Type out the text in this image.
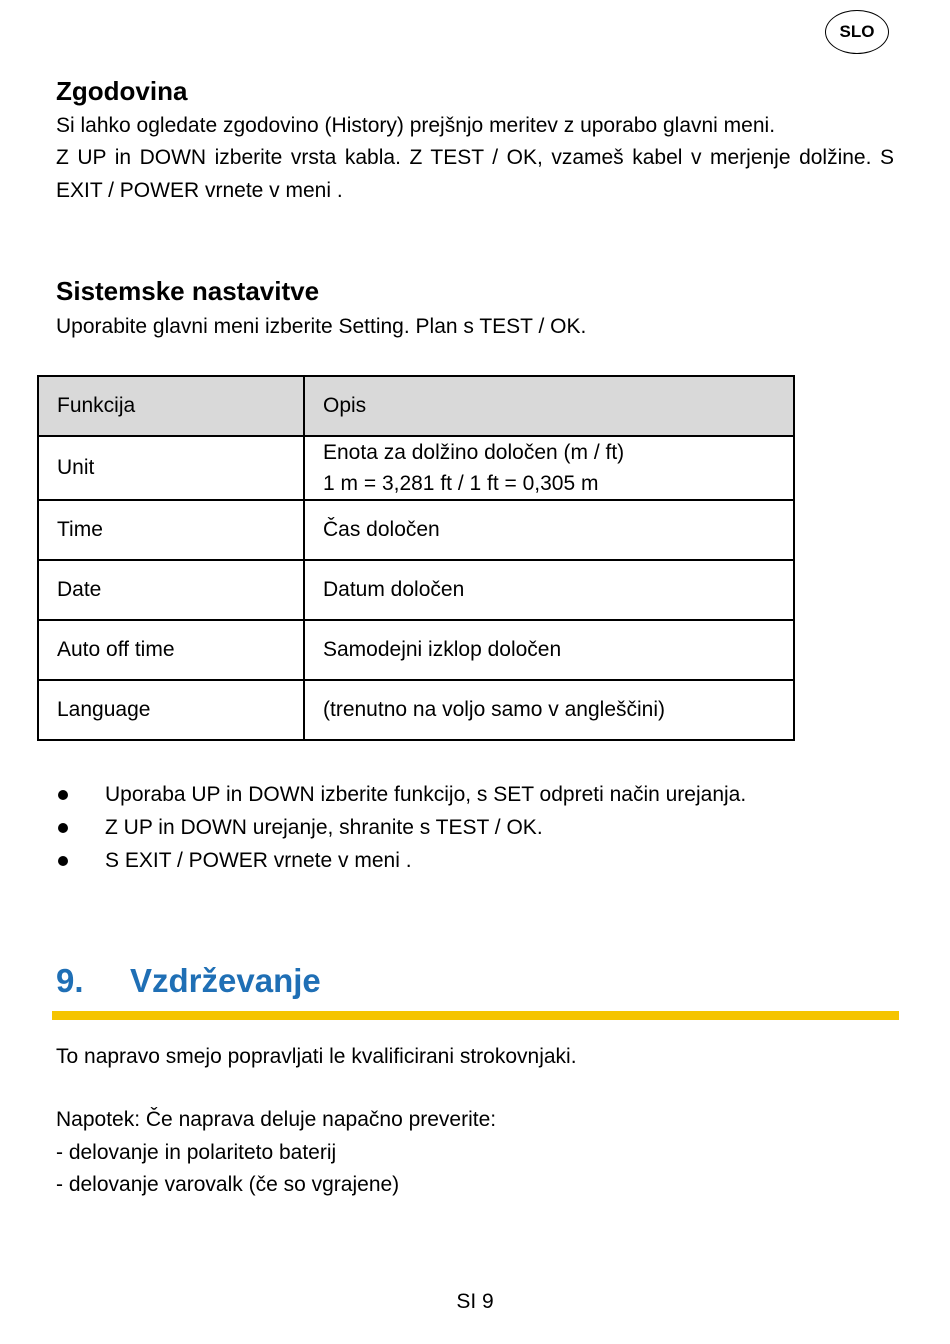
SLO
Zgodovina
Si lahko ogledate zgodovino (History) prejšnjo meritev z uporabo glavni meni.
Z UP in DOWN izberite vrsta kabla. Z TEST / OK, vzameš kabel v merjenje dolžine. S EXIT / POWER vrnete v meni .
Sistemske nastavitve
Uporabite glavni meni izberite Setting. Plan s TEST / OK.
Funkcija	Opis
Unit	Enota za dolžino določen (m / ft)
1 m = 3,281 ft / 1 ft = 0,305 m

Time	Čas določen
Date	Datum določen
Auto off time	Samodejni izklop določen
Language	(trenutno na voljo samo v angleščini)
Uporaba UP in DOWN izberite funkcijo, s SET odpreti način urejanja.
Z UP in DOWN urejanje, shranite s TEST / OK.
S EXIT / POWER vrnete v meni .
9. Vzdrževanje
To napravo smejo popravljati le kvalificirani strokovnjaki.
Napotek: Če naprava deluje napačno preverite:
- delovanje in polariteto baterij
- delovanje varovalk (če so vgrajene)
SI 9
